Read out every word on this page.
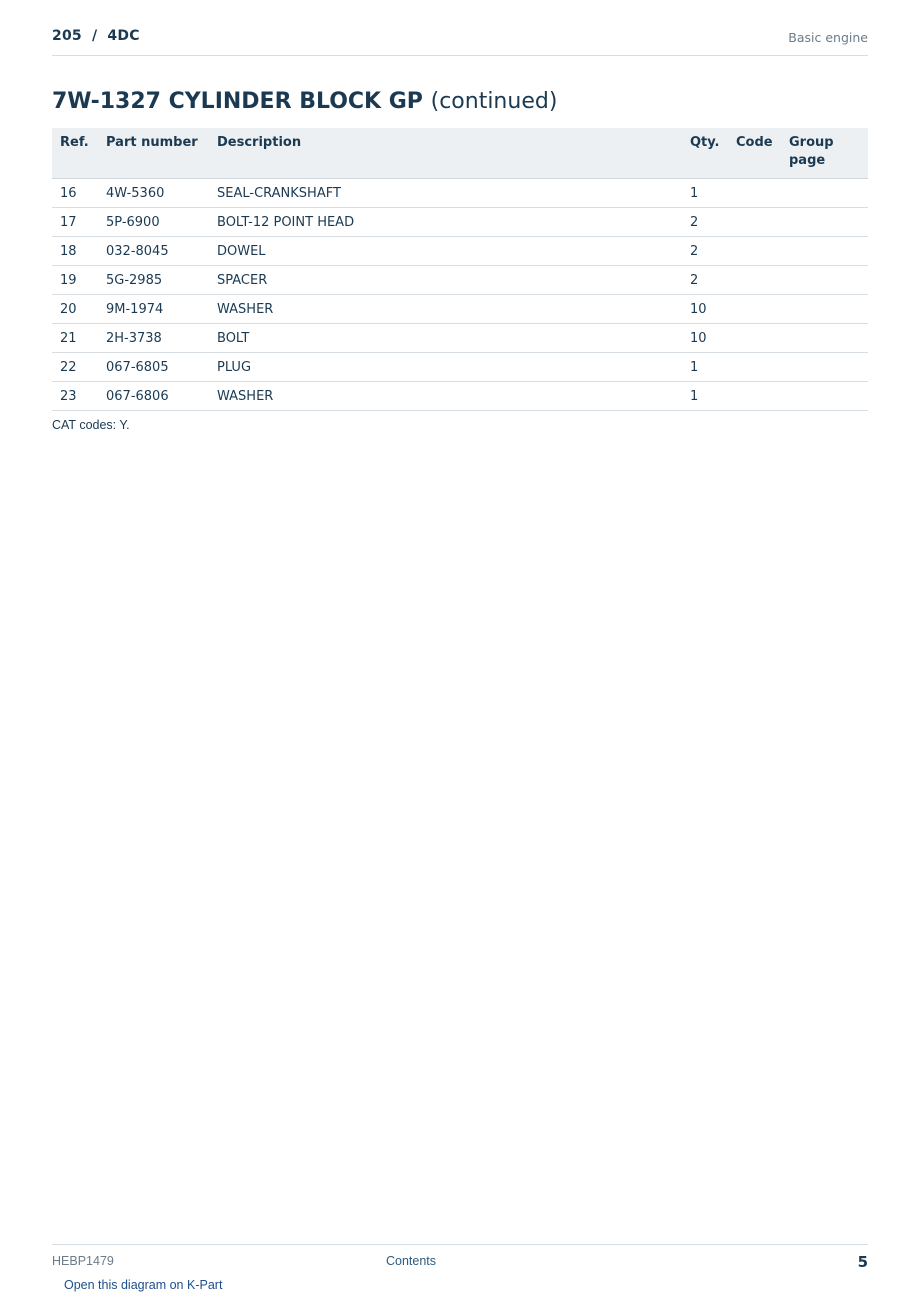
205  /  4DC	Basic engine
7W-1327 CYLINDER BLOCK GP (continued)
Ref.	Part number	Description	Qty.	Code	Group page
16	4W-5360	SEAL-CRANKSHAFT	1		
17	5P-6900	BOLT-12 POINT HEAD	2		
18	032-8045	DOWEL	2		
19	5G-2985	SPACER	2		
20	9M-1974	WASHER	10		
21	2H-3738	BOLT	10		
22	067-6805	PLUG	1		
23	067-6806	WASHER	1		
CAT codes: Y.
HEBP1479	Contents	5
Open this diagram on K-Part
